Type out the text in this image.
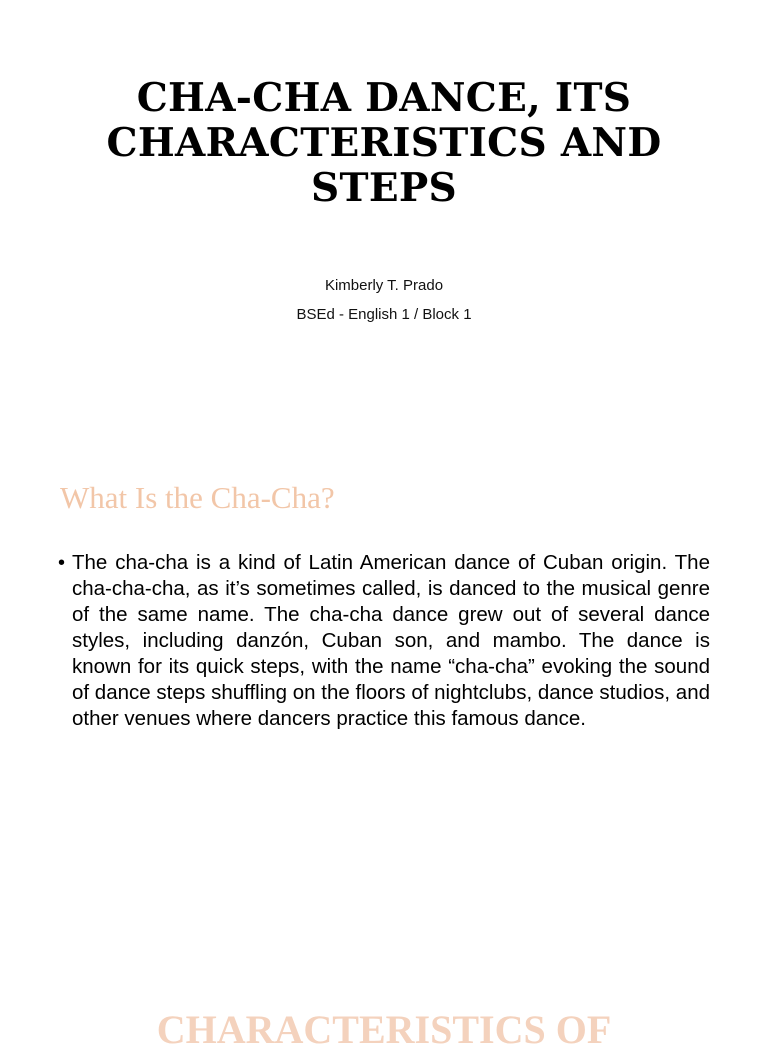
CHA-CHA DANCE, ITS CHARACTERISTICS AND STEPS
Kimberly T. Prado
BSEd - English 1 / Block 1
What Is the Cha-Cha?
• The cha-cha is a kind of Latin American dance of Cuban origin. The cha-cha-cha, as it’s sometimes called, is danced to the musical genre of the same name. The cha-cha dance grew out of several dance styles, including danzón, Cuban son, and mambo. The dance is known for its quick steps, with the name “cha-cha” evoking the sound of dance steps shuffling on the floors of nightclubs, dance studios, and other venues where dancers practice this famous dance.

CHARACTERISTICS OF
